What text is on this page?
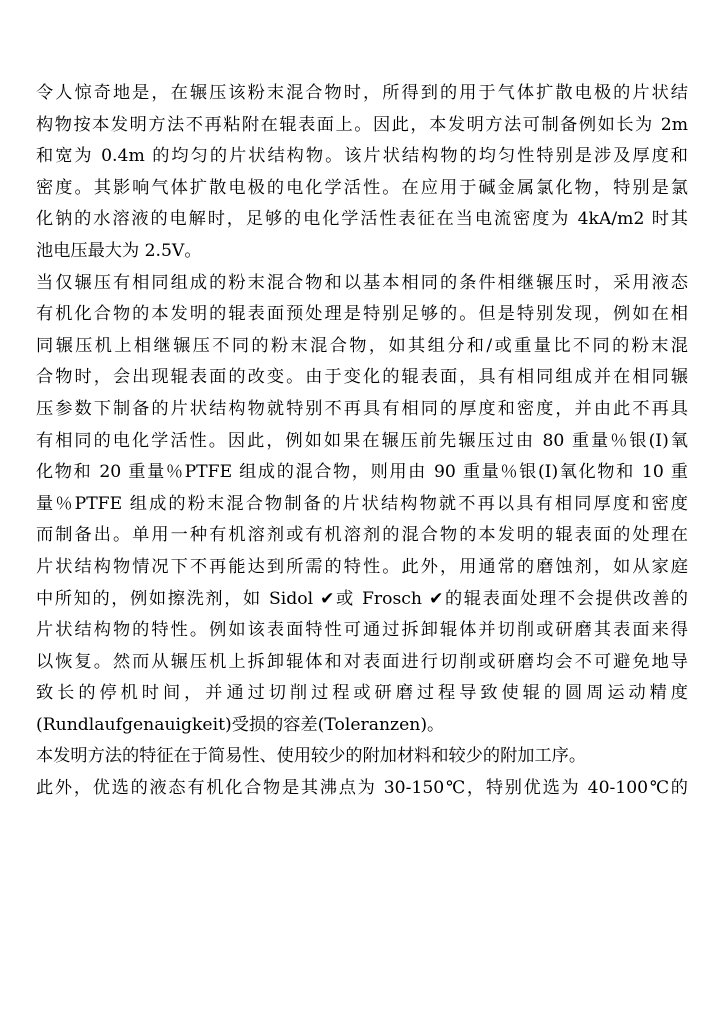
令人惊奇地是，在辗压该粉末混合物时，所得到的用于气体扩散电极的片状结
构物按本发明方法不再粘附在辊表面上。因此，本发明方法可制备例如长为 2m
和宽为 0.4m 的均匀的片状结构物。该片状结构物的均匀性特别是涉及厚度和
密度。其影响气体扩散电极的电化学活性。在应用于碱金属氯化物，特别是氯
化钠的水溶液的电解时，足够的电化学活性表征在当电流密度为 4kA/m2 时其
池电压最大为 2.5V。
当仅辗压有相同组成的粉末混合物和以基本相同的条件相继辗压时，采用液态
有机化合物的本发明的辊表面预处理是特别足够的。但是特别发现，例如在相
同辗压机上相继辗压不同的粉末混合物，如其组分和/或重量比不同的粉末混
合物时，会出现辊表面的改变。由于变化的辊表面，具有相同组成并在相同辗
压参数下制备的片状结构物就特别不再具有相同的厚度和密度，并由此不再具
有相同的电化学活性。因此，例如如果在辗压前先辗压过由 80 重量％银(I)氧
化物和 20 重量％PTFE 组成的混合物，则用由 90 重量％银(I)氧化物和 10 重
量％PTFE 组成的粉末混合物制备的片状结构物就不再以具有相同厚度和密度
而制备出。单用一种有机溶剂或有机溶剂的混合物的本发明的辊表面的处理在
片状结构物情况下不再能达到所需的特性。此外，用通常的磨蚀剂，如从家庭
中所知的，例如擦洗剂，如 Sidol ✔或 Frosch ✔的辊表面处理不会提供改善的
片状结构物的特性。例如该表面特性可通过拆卸辊体并切削或研磨其表面来得
以恢复。然而从辗压机上拆卸辊体和对表面进行切削或研磨均会不可避免地导
致长的停机时间，并通过切削过程或研磨过程导致使辊的圆周运动精度
(Rundlaufgenauigkeit)受损的容差(Toleranzen)。
本发明方法的特征在于简易性、使用较少的附加材料和较少的附加工序。
此外，优选的液态有机化合物是其沸点为 30-150℃，特别优选为 40-100℃的
